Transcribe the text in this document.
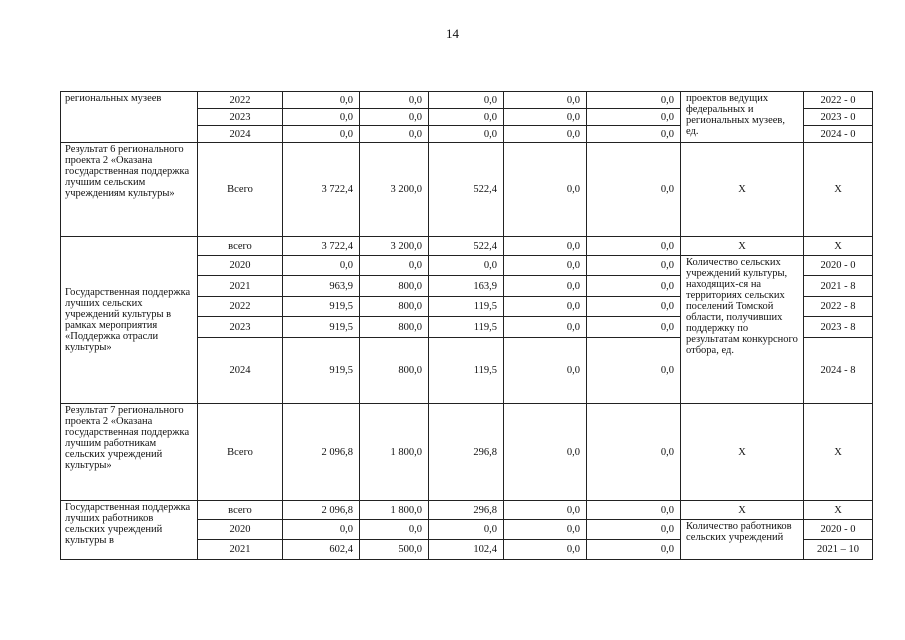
14
региональных музеев	2022	0,0	0,0	0,0	0,0	0,0	проектов ведущих федеральных и региональных музеев, ед.	2022 - 0
	2023	0,0	0,0	0,0	0,0	0,0		2023 - 0
	2024	0,0	0,0	0,0	0,0	0,0		2024 - 0
Результат 6 регионального проекта 2 «Оказана государственная поддержка лучшим сельским учреждениям культуры»	Всего	3 722,4	3 200,0	522,4	0,0	0,0	Х	Х
Государственная поддержка лучших сельских учреждений культуры в рамках мероприятия «Поддержка отрасли культуры»	всего	3 722,4	3 200,0	522,4	0,0	0,0	Х	Х
	2020	0,0	0,0	0,0	0,0	0,0	Количество сельских учреждений культуры, находящих-ся на территориях сельских поселений Томской области, получивших поддержку по результатам конкурсного отбора, ед.	2020 - 0
	2021	963,9	800,0	163,9	0,0	0,0		2021 - 8
	2022	919,5	800,0	119,5	0,0	0,0		2022 - 8
	2023	919,5	800,0	119,5	0,0	0,0		2023 - 8
	2024	919,5	800,0	119,5	0,0	0,0		2024 - 8
Результат 7 регионального проекта 2 «Оказана государственная поддержка лучшим работникам сельских учреждений культуры»	Всего	2 096,8	1 800,0	296,8	0,0	0,0	Х	Х
Государственная поддержка лучших работников сельских учреждений культуры в	всего	2 096,8	1 800,0	296,8	0,0	0,0	Х	Х
	2020	0,0	0,0	0,0	0,0	0,0	Количество работников сельских учреждений	2020 - 0
	2021	602,4	500,0	102,4	0,0	0,0		2021 – 10
